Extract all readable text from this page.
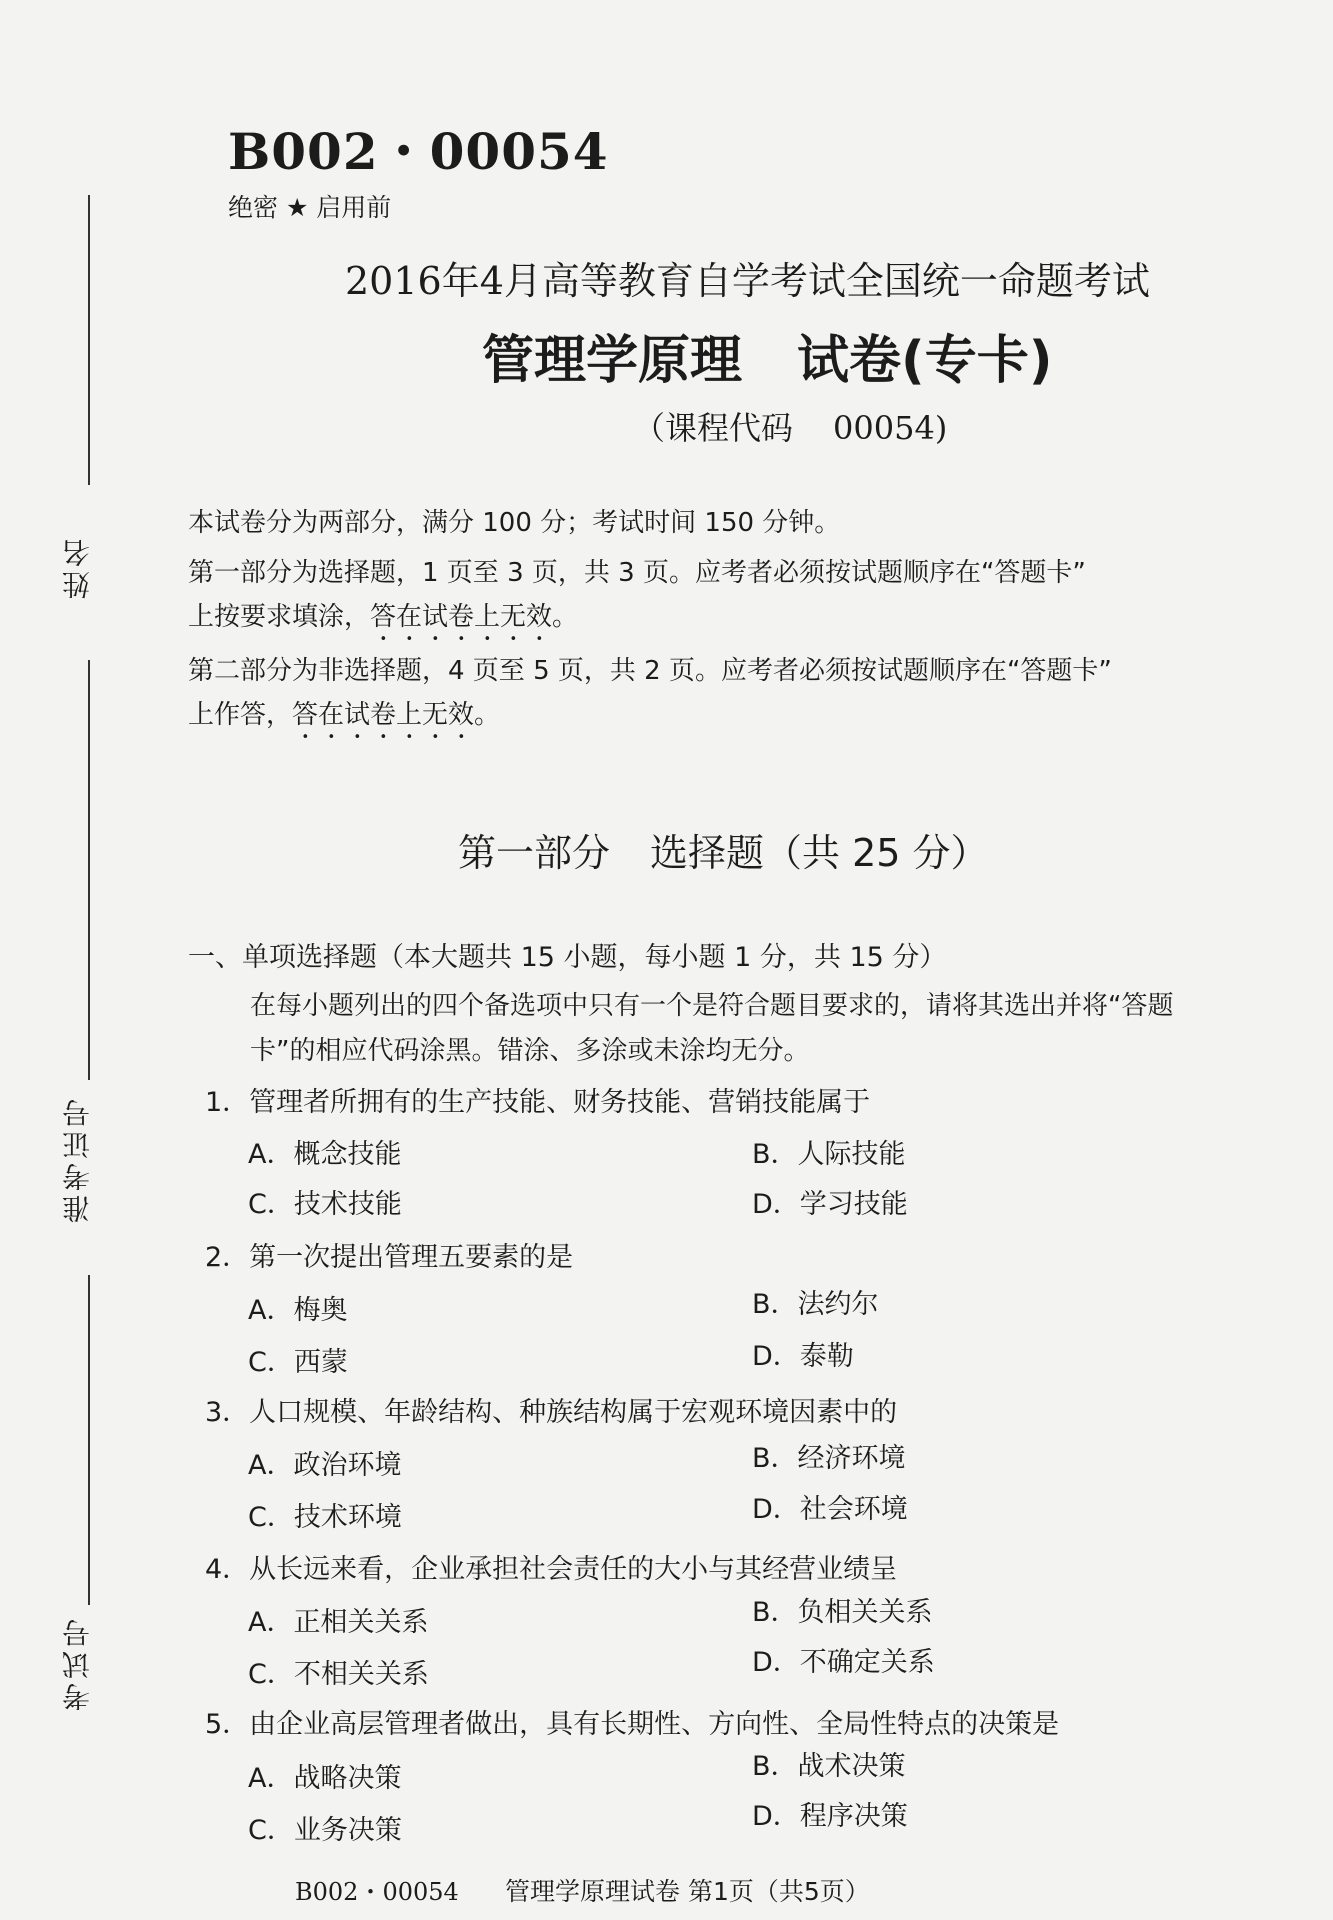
姓名
准考证号
考试号
B002・00054
绝密 ★ 启用前
2016年4月高等教育自学考试全国统一命题考试
管理学原理 试卷(专卡)
（课程代码 00054)
本试卷分为两部分，满分 100 分；考试时间 150 分钟。
第一部分为选择题，1 页至 3 页，共 3 页。应考者必须按试题顺序在“答题卡”
上按要求填涂，答在试卷上无效。
第二部分为非选择题，4 页至 5 页，共 2 页。应考者必须按试题顺序在“答题卡”
上作答，答在试卷上无效。
第一部分 选择题（共 25 分）
一、单项选择题（本大题共 15 小题，每小题 1 分，共 15 分）
在每小题列出的四个备选项中只有一个是符合题目要求的，请将其选出并将“答题
卡”的相应代码涂黑。错涂、多涂或未涂均无分。
1．管理者所拥有的生产技能、财务技能、营销技能属于
A．概念技能	B．人际技能
C．技术技能	D．学习技能
2．第一次提出管理五要素的是
A．梅奥	B．法约尔
C．西蒙	D．泰勒
3．人口规模、年龄结构、种族结构属于宏观环境因素中的
A．政治环境	B．经济环境
C．技术环境	D．社会环境
4．从长远来看，企业承担社会责任的大小与其经营业绩呈
A．正相关关系	B．负相关关系
C．不相关关系	D．不确定关系
5．由企业高层管理者做出，具有长期性、方向性、全局性特点的决策是
A．战略决策	B．战术决策
C．业务决策	D．程序决策
B002・00054 管理学原理试卷 第1页（共5页）
